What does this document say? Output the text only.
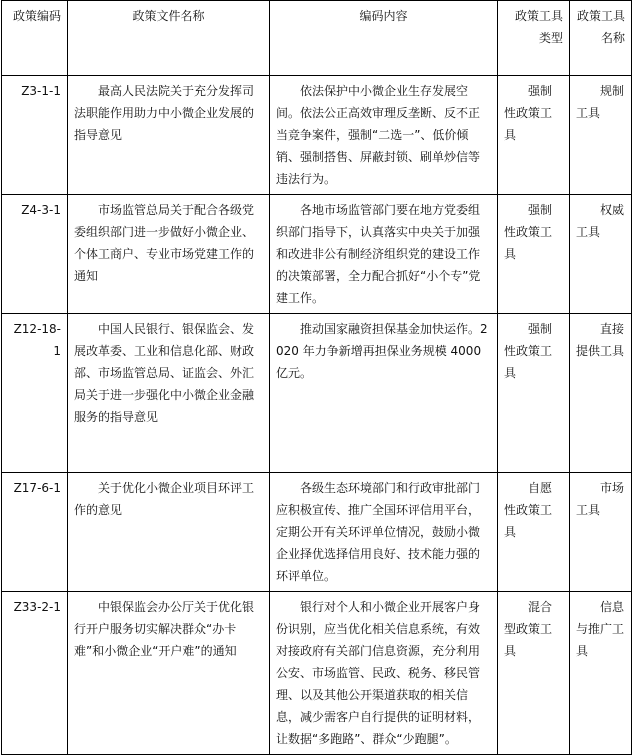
政策编码	政策文件名称	编码内容	政策工具类型	政策工具名称
Z3-1-1	最高人民法院关于充分发挥司法职能作用助力中小微企业发展的指导意见	依法保护中小微企业生存发展空间。依法公正高效审理反垄断、反不正当竞争案件，强制“二选一”、低价倾销、强制搭售、屏蔽封锁、刷单炒信等违法行为。	强制性政策工具	规制工具
Z4-3-1	市场监管总局关于配合各级党委组织部门进一步做好小微企业、个体工商户、专业市场党建工作的通知	各地市场监管部门要在地方党委组织部门指导下，认真落实中央关于加强和改进非公有制经济组织党的建设工作的决策部署，全力配合抓好“小个专”党建工作。	强制性政策工具	权威工具
Z12-18-1	中国人民银行、银保监会、发展改革委、工业和信息化部、财政部、市场监管总局、证监会、外汇局关于进一步强化中小微企业金融服务的指导意见	推动国家融资担保基金加快运作。2020 年力争新增再担保业务规模 4000 亿元。	强制性政策工具	直接提供工具
Z17-6-1	关于优化小微企业项目环评工作的意见	各级生态环境部门和行政审批部门应积极宣传、推广全国环评信用平台，定期公开有关环评单位情况，鼓励小微企业择优选择信用良好、技术能力强的环评单位。	自愿性政策工具	市场工具
Z33-2-1	中银保监会办公厅关于优化银行开户服务切实解决群众“办卡难”和小微企业“开户难”的通知	银行对个人和小微企业开展客户身份识别，应当优化相关信息系统，有效对接政府有关部门信息资源，充分利用公安、市场监管、民政、税务、移民管理、以及其他公开渠道获取的相关信息，减少需客户自行提供的证明材料，让数据“多跑路”、群众“少跑腿”。	混合型政策工具	信息与推广工具
